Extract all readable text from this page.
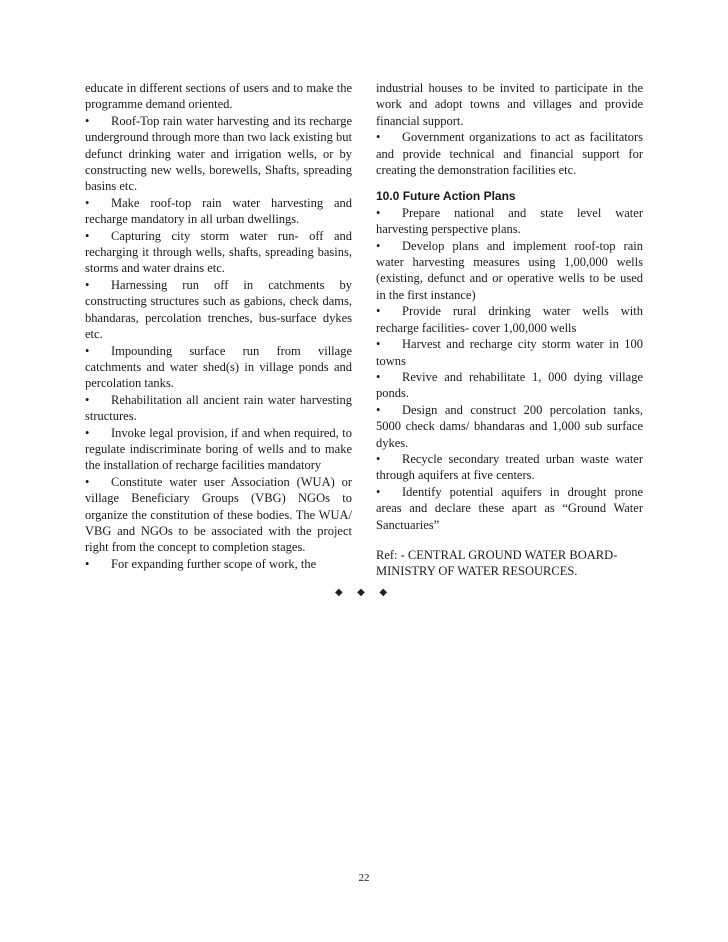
educate in different sections of users and to make the programme demand oriented.

• Roof-Top rain water harvesting and its recharge underground through more than two lack existing but defunct drinking water and irrigation wells, or by constructing new wells, borewells, Shafts, spreading basins etc.

• Make roof-top rain water harvesting and recharge mandatory in all urban dwellings.

• Capturing city storm water run- off and recharging it through wells, shafts, spreading basins, storms and water drains etc.

• Harnessing run off in catchments by constructing structures such as gabions, check dams, bhandaras, percolation trenches, bus-surface dykes etc.

• Impounding surface run from village catchments and water shed(s) in village ponds and percolation tanks.

• Rehabilitation all ancient rain water harvesting structures.

• Invoke legal provision, if and when required, to regulate indiscriminate boring of wells and to make the installation of recharge facilities mandatory

• Constitute water user Association (WUA) or village Beneficiary Groups (VBG) NGOs to organize the constitution of these bodies. The WUA/ VBG and NGOs to be associated with the project right from the concept to completion stages.

• For expanding further scope of work, the

industrial houses to be invited to participate in the work and adopt towns and villages and provide financial support.

• Government organizations to act as facilitators and provide technical and financial support for creating the demonstration facilities etc.

10.0 Future Action Plans

• Prepare national and state level water harvesting perspective plans.

• Develop plans and implement roof-top rain water harvesting measures using 1,00,000 wells (existing, defunct and or operative wells to be used in the first instance)

• Provide rural drinking water wells with recharge facilities- cover 1,00,000 wells

• Harvest and recharge city storm water in 100 towns

• Revive and rehabilitate 1, 000 dying village ponds.

• Design and construct 200 percolation tanks, 5000 check dams/ bhandaras and 1,000 sub surface dykes.

• Recycle secondary treated urban waste water through aquifers at five centers.

• Identify potential aquifers in drought prone areas and declare these apart as “Ground Water Sanctuaries”

Ref: - CENTRAL GROUND WATER BOARD-MINISTRY OF WATER RESOURCES.

◆ ◆ ◆
22
